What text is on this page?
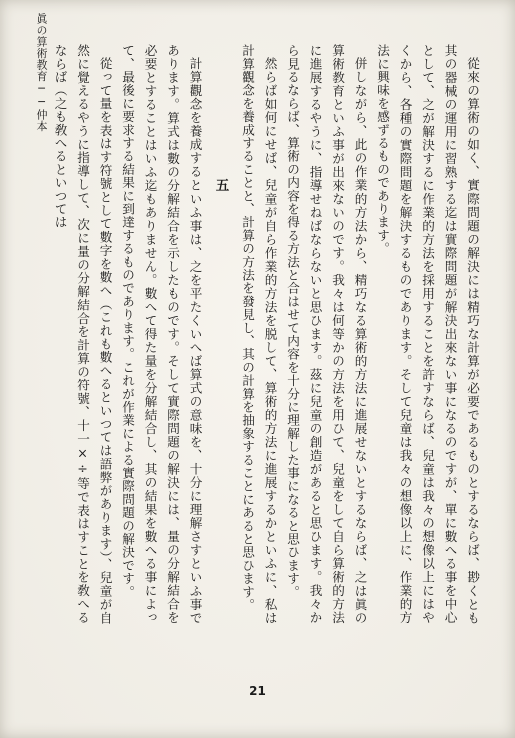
眞の算術教育──仲本	從來の算術の如く、實際問題の解決には精巧な計算が必要であるものとするならば、尠くとも其の器械の運用に習熟する迄は實際問題が解決出來ない事になるのですが、單に數へる事を中心として、之が解決するに作業的方法を採用することを許すならば、兒童は我々の想像以上にはやくから、各種の實際問題を解決するものであります。そして兒童は我々の想像以上に、作業的方法に興味を感ずるものであります。

併しながら、此の作業的方法から、精巧なる算術的方法に進展せないとするならば、之は眞の算術教育といふ事が出來ないのです。我々は何等かの方法を用ひて、兒童をして自ら算術的方法に進展するやうに、指導せねばならないと思ひます。茲に兒童の創造があると思ひます。我々から見るならば、算術の内容を得る方法と合はせて内容を十分に理解した事になると思ひます。

然らば如何にせば、兒童が自ら作業的方法を脱して、算術的方法に進展するかといふに、私は計算觀念を養成することと、計算の方法を發見し、其の計算を抽象することにあると思ひます。

五

計算觀念を養成するといふ事は、之を平たくいへば算式の意味を、十分に理解さすといふ事であります。算式は數の分解結合を示したものです。そして實際問題の解決には、量の分解結合を必要とすることはいふ迄もありません。數へて得た量を分解結合し、其の結果を數へる事によって、最後に要求する結果に到達するものであります。これが作業による實際問題の解決です。

從って量を表はす符號として數字を數へ（これも數へるといつては語弊があります）、兒童が自然に覺えるやうに指導して、次に量の分解結合を計算の符號、十一×÷等で表はすことを敎へるならば（之も敎へるといつては

21
